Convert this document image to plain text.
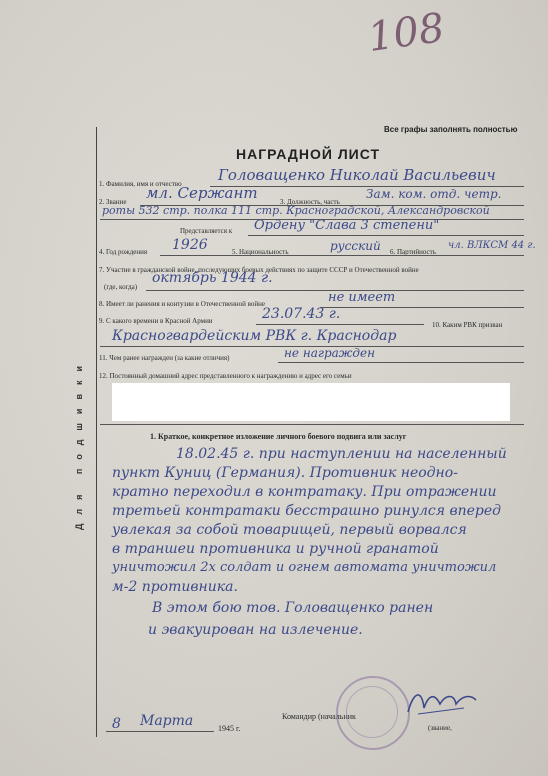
108
Все графы заполнять полностью
НАГРАДНОЙ ЛИСТ
Для подшивки
1. Фамилия, имя и отчество Головащенко Николай Васильевич
2. Звание мл. Сержант	3. Должность, часть
Зам. ком. отд. четр.
роты 532 стр. полка 111 стр. Красноградской, Александровской
Представляется к Ордену "Слава 3 степени"
4. Год рождения 1926	5. Национальность	русский 6. Партийность
чл. ВЛКСМ 44 г.
7. Участие в гражданской войне, последующих боевых действиях по защите СССР и Отечественной войне
(где, когда)
октябрь 1944 г.
8. Имеет ли ранения и контузии в Отечественной войне	не имеет
9. С какого времени в Красной Армии	23.07.43 г.
10. Каким РВК призван
Красногвардейским РВК г. Краснодар
11. Чем ранее награжден (за какие отличия)	не награжден
12. Постоянный домашний адрес представленного к награждению и адрес его семьи
1. Краткое, конкретное изложение личного боевого подвига или заслуг
18.02.45 г. при наступлении на населенный
пункт Куниц (Германия). Противник неодно-
кратно переходил в контратаку. При отражении
третьей контратаки бесстрашно ринулся вперед
увлекая за собой товарищей, первый ворвался
в траншеи противника и ручной гранатой
уничтожил 2х солдат и огнем автомата уничтожил
м-2 противника.
В этом бою тов. Головащенко ранен
и эвакуирован на излечение.
8 Марта	1945 г.
Командир (начальник
(звание,
